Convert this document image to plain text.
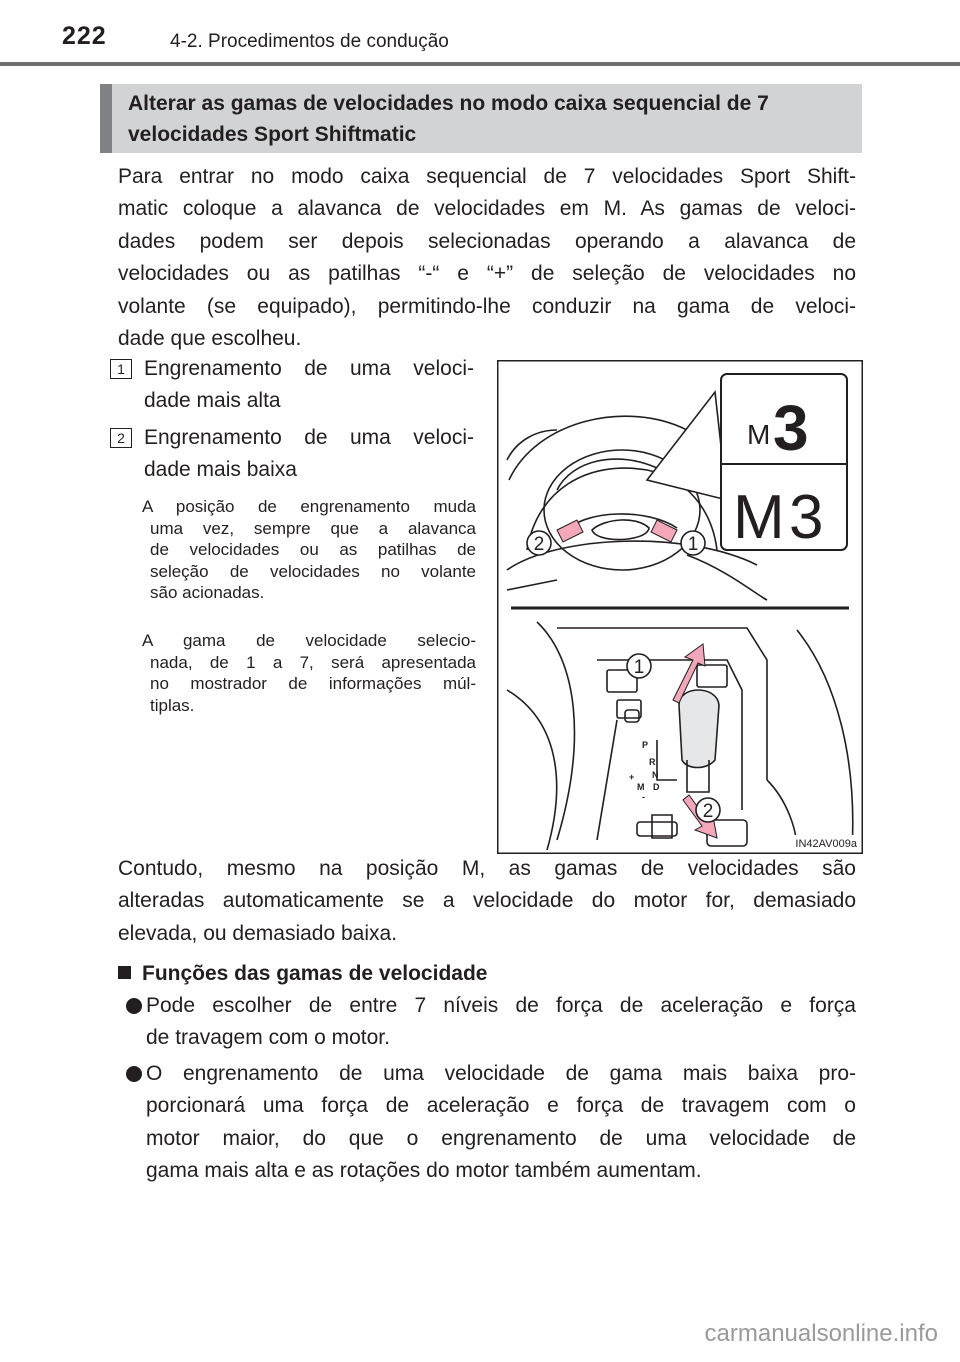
222	4-2. Procedimentos de condução
Alterar as gamas de velocidades no modo caixa sequencial de 7
velocidades Sport Shiftmatic
Para entrar no modo caixa sequencial de 7 velocidades Sport Shift-
matic coloque a alavanca de velocidades em M. As gamas de veloci-
dades podem ser depois selecionadas operando a alavanca de
velocidades ou as patilhas “-“ e “+” de seleção de velocidades no
volante (se equipado), permitindo-lhe conduzir na gama de veloci-
dade que escolheu.
1 Engrenamento de uma veloci-
dade mais alta
2 Engrenamento de uma veloci-
dade mais baixa
A posição de engrenamento muda
uma vez, sempre que a alavanca
de velocidades ou as patilhas de
seleção de velocidades no volante
são acionadas.
A gama de velocidade selecio-
nada, de 1 a 7, será apresentada
no mostrador de informações múl-
tiplas.
M 3
M 3
2	1
P
R
N
D
+
M
-
1
2
IN42AV009a
Contudo, mesmo na posição M, as gamas de velocidades são
alteradas automaticamente se a velocidade do motor for, demasiado
elevada, ou demasiado baixa.
Funções das gamas de velocidade
Pode escolher de entre 7 níveis de força de aceleração e força
de travagem com o motor.
O engrenamento de uma velocidade de gama mais baixa pro-
porcionará uma força de aceleração e força de travagem com o
motor maior, do que o engrenamento de uma velocidade de
gama mais alta e as rotações do motor também aumentam.
carmanualsonline.info
